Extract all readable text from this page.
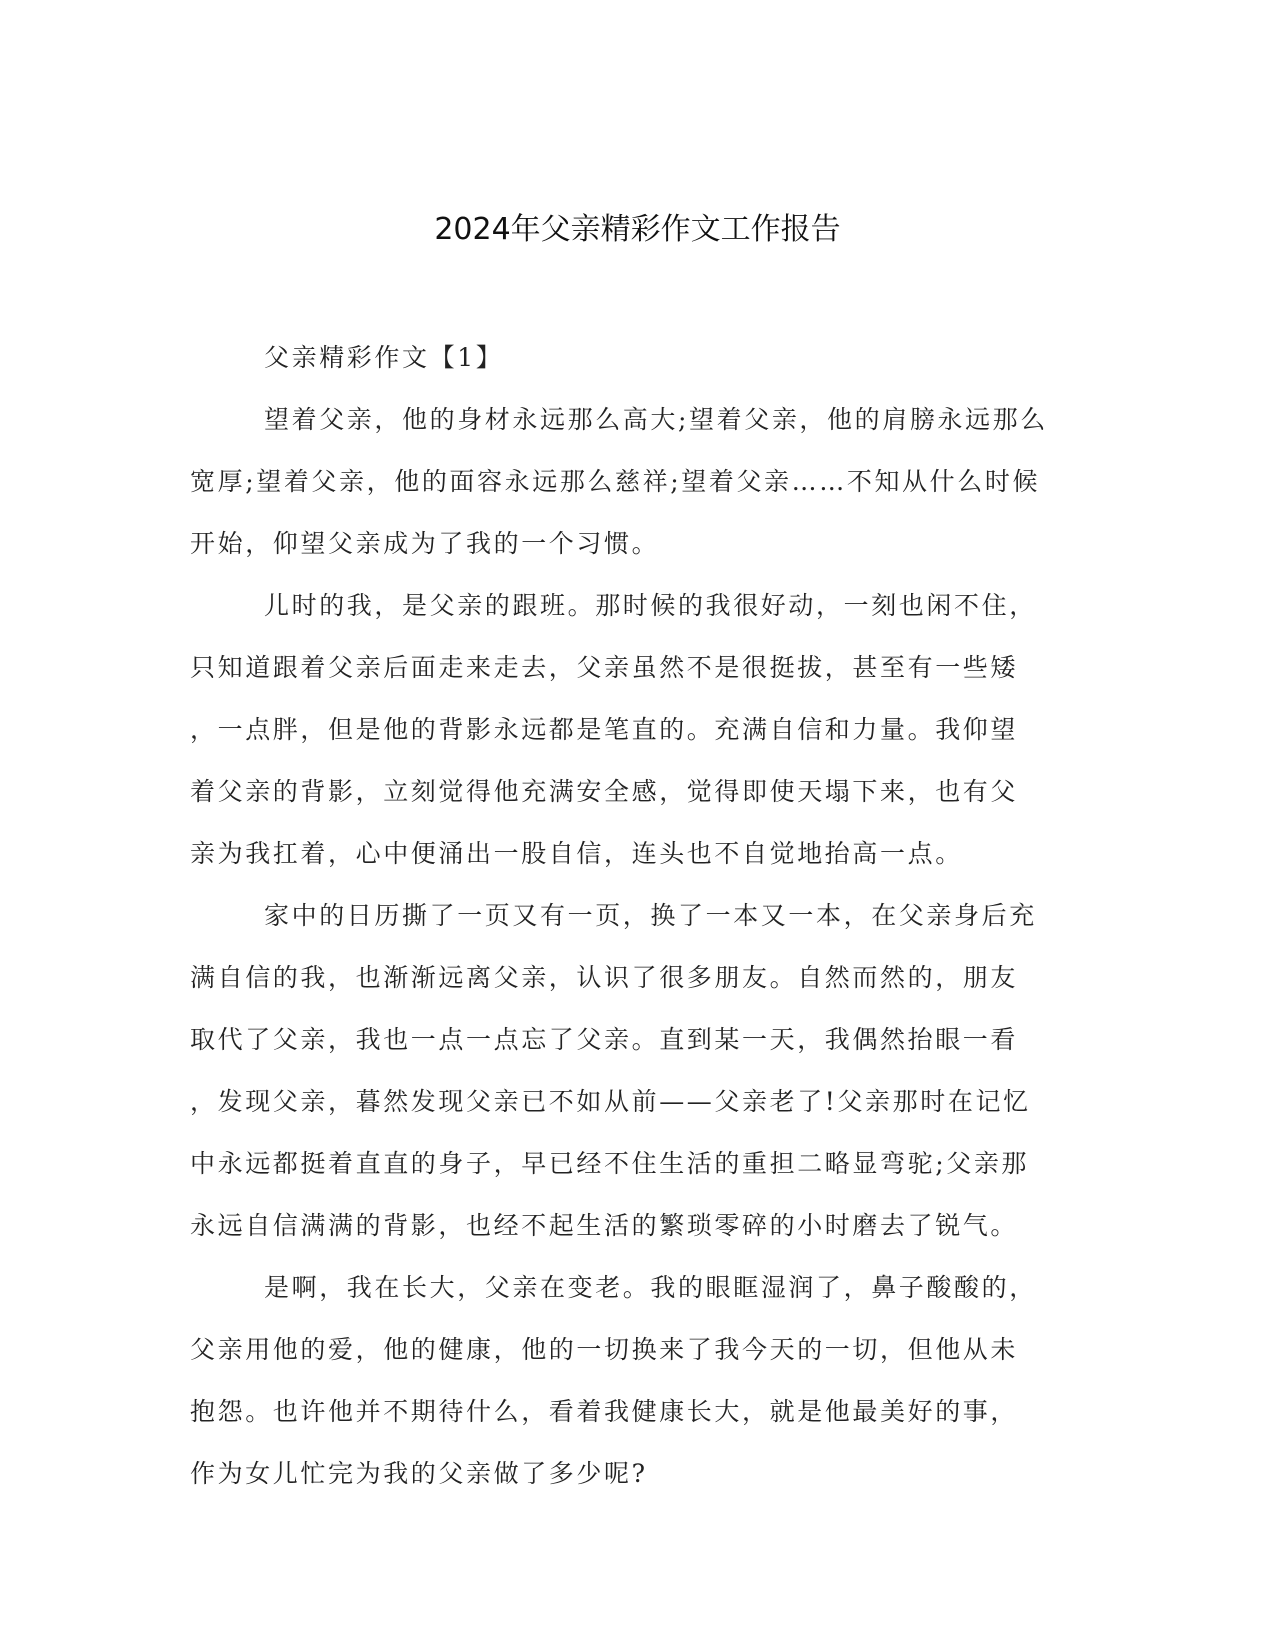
2024年父亲精彩作文工作报告
父亲精彩作文【1】
望着父亲，他的身材永远那么高大;望着父亲，他的肩膀永远那么
宽厚;望着父亲，他的面容永远那么慈祥;望着父亲……不知从什么时候
开始，仰望父亲成为了我的一个习惯。
儿时的我，是父亲的跟班。那时候的我很好动，一刻也闲不住，
只知道跟着父亲后面走来走去，父亲虽然不是很挺拔，甚至有一些矮
，一点胖，但是他的背影永远都是笔直的。充满自信和力量。我仰望
着父亲的背影，立刻觉得他充满安全感，觉得即使天塌下来，也有父
亲为我扛着，心中便涌出一股自信，连头也不自觉地抬高一点。
家中的日历撕了一页又有一页，换了一本又一本，在父亲身后充
满自信的我，也渐渐远离父亲，认识了很多朋友。自然而然的，朋友
取代了父亲，我也一点一点忘了父亲。直到某一天，我偶然抬眼一看
，发现父亲，暮然发现父亲已不如从前——父亲老了!父亲那时在记忆
中永远都挺着直直的身子，早已经不住生活的重担二略显弯驼;父亲那
永远自信满满的背影，也经不起生活的繁琐零碎的小时磨去了锐气。
是啊，我在长大，父亲在变老。我的眼眶湿润了，鼻子酸酸的，
父亲用他的爱，他的健康，他的一切换来了我今天的一切，但他从未
抱怨。也许他并不期待什么，看着我健康长大，就是他最美好的事，
作为女儿忙完为我的父亲做了多少呢?
